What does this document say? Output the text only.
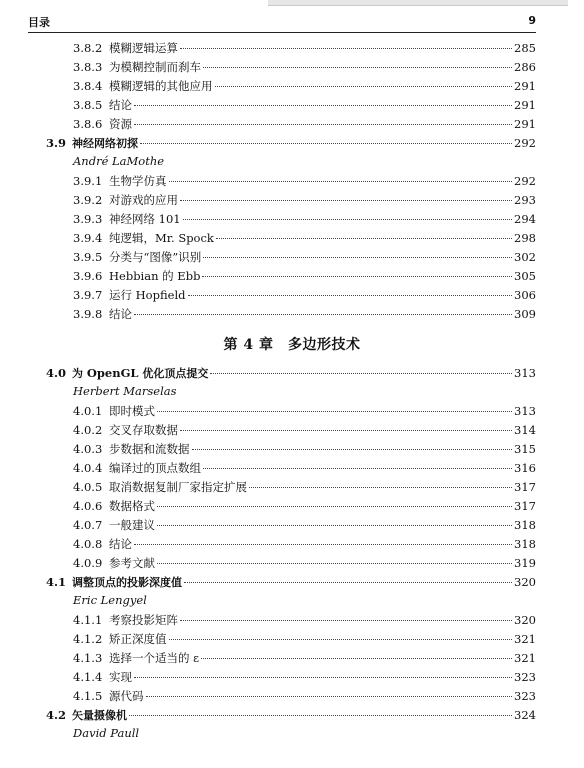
目录	9
3.8.2 模糊逻辑运算	285
3.8.3 为模糊控制而刹车	286
3.8.4 模糊逻辑的其他应用	291
3.8.5 结论	291
3.8.6 资源	291
3.9 神经网络初探	292
André LaMothe
3.9.1 生物学仿真	292
3.9.2 对游戏的应用	293
3.9.3 神经网络 101	294
3.9.4 纯逻辑，Mr. Spock	298
3.9.5 分类与“图像”识别	302
3.9.6 Hebbian 的 Ebb	305
3.9.7 运行 Hopfield	306
3.9.8 结论	309
第 4 章　多边形技术
4.0 为 OpenGL 优化顶点提交	313
Herbert Marselas
4.0.1 即时模式	313
4.0.2 交叉存取数据	314
4.0.3 步数据和流数据	315
4.0.4 编译过的顶点数组	316
4.0.5 取消数据复制厂家指定扩展	317
4.0.6 数据格式	317
4.0.7 一般建议	318
4.0.8 结论	318
4.0.9 参考文献	319
4.1 调整顶点的投影深度值	320
Eric Lengyel
4.1.1 考察投影矩阵	320
4.1.2 矫正深度值	321
4.1.3 选择一个适当的 ε	321
4.1.4 实现	323
4.1.5 源代码	323
4.2 矢量摄像机	324
David Paull
